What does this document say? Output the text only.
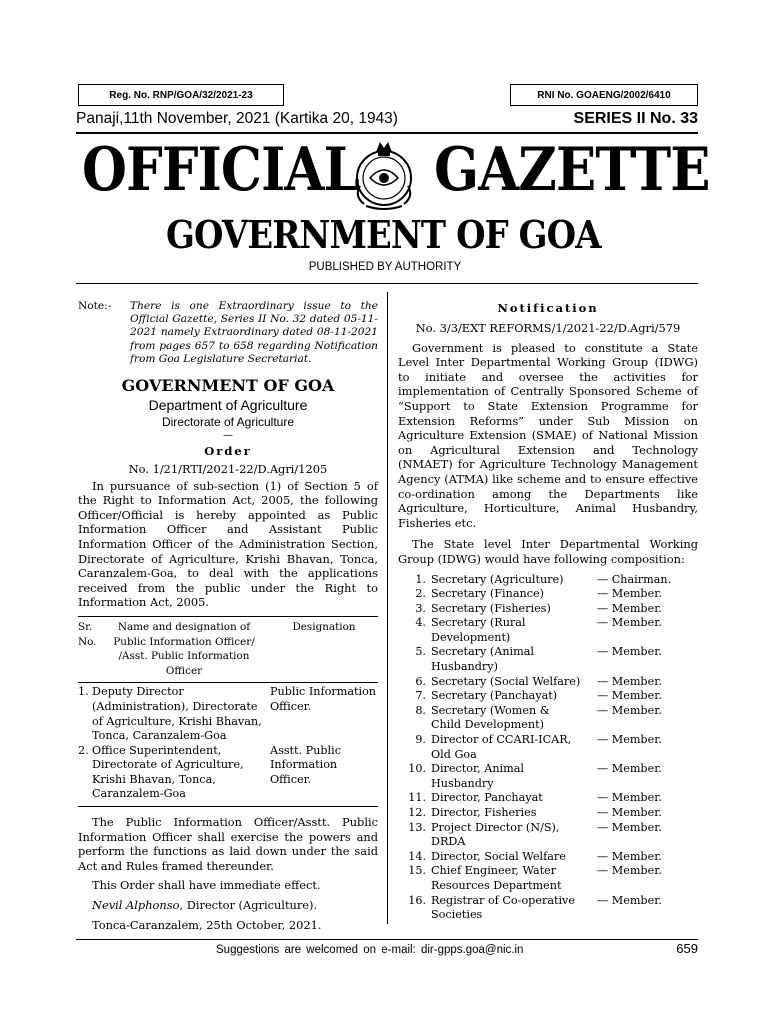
Reg. No. RNP/GOA/32/2021-23	RNI No. GOAENG/2002/6410
Panaji,11th November, 2021 (Kartika 20, 1943)	SERIES II No. 33
OFFICIAL GAZETTE
GOVERNMENT OF GOA
PUBLISHED BY AUTHORITY
Note:-	There is one Extraordinary issue to the Official Gazette, Series II No. 32 dated 05-11-2021 namely Extraordinary dated 08-11-2021 from pages 657 to 658 regarding Notification from Goa Legislature Secretariat.
GOVERNMENT OF GOA
Department of Agriculture
Directorate of Agriculture
—
Order
No. 1/21/RTI/2021-22/D.Agri/1205

In pursuance of sub-section (1) of Section 5 of the Right to Information Act, 2005, the following Officer/Official is hereby appointed as Public Information Officer and Assistant Public Information Officer of the Administration Section, Directorate of Agriculture, Krishi Bhavan, Tonca, Caranzalem-Goa, to deal with the applications received from the public under the Right to Information Act, 2005.

Sr. No.	Name and designation of Public Information Officer/ /Asst. Public Information Officer	Designation
1.	Deputy Director (Administration), Directorate of Agriculture, Krishi Bhavan, Tonca, Caranzalem-Goa	Public Information Officer.
2.	Office Superintendent, Directorate of Agriculture, Krishi Bhavan, Tonca, Caranzalem-Goa	Asstt. Public Information Officer.

The Public Information Officer/Asstt. Public Information Officer shall exercise the powers and perform the functions as laid down under the said Act and Rules framed thereunder.

This Order shall have immediate effect.

Nevil Alphonso, Director (Agriculture).

Tonca-Caranzalem, 25th October, 2021.

Notification
No. 3/3/EXT REFORMS/1/2021-22/D.Agri/579

Government is pleased to constitute a State Level Inter Departmental Working Group (IDWG) to initiate and oversee the activities for implementation of Centrally Sponsored Scheme of “Support to State Extension Programme for Extension Reforms” under Sub Mission on Agriculture Extension (SMAE) of National Mission on Agricultural Extension and Technology (NMAET) for Agriculture Technology Management Agency (ATMA) like scheme and to ensure effective co-ordination among the Departments like Agriculture, Horticulture, Animal Husbandry, Fisheries etc.

The State level Inter Departmental Working Group (IDWG) would have following composition:

1.	Secretary (Agriculture)	— Chairman.
2.	Secretary (Finance)	— Member.
3.	Secretary (Fisheries)	— Member.
4.	Secretary (Rural Development)	— Member.
5.	Secretary (Animal Husbandry)	— Member.
6.	Secretary (Social Welfare)	— Member.
7.	Secretary (Panchayat)	— Member.
8.	Secretary (Women & Child Development)	— Member.
9.	Director of CCARI-ICAR, Old Goa	— Member.
10.	Director, Animal Husbandry	— Member.
11.	Director, Panchayat	— Member.
12.	Director, Fisheries	— Member.
13.	Project Director (N/S), DRDA	— Member.
14.	Director, Social Welfare	— Member.
15.	Chief Engineer, Water Resources Department	— Member.
16.	Registrar of Co-operative Societies	— Member.
Suggestions are welcomed on e-mail: dir-gpps.goa@nic.in	659
